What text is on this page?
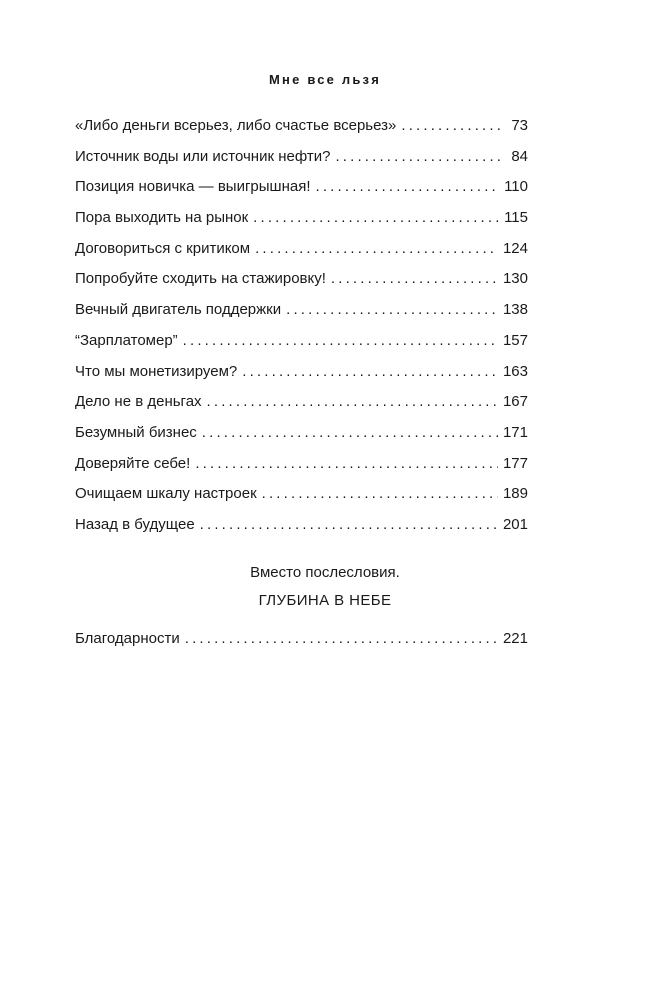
Мне все льзя
«Либо деньги всерьез, либо счастье всерьез» . . .	73
Источник воды или источник нефти? . . .	84
Позиция новичка — выигрышная! . . .	110
Пора выходить на рынок . . .	115
Договориться с критиком . . .	124
Попробуйте сходить на стажировку! . . .	130
Вечный двигатель поддержки . . .	138
“Зарплатомер” . . .	157
Что мы монетизируем? . . .	163
Дело не в деньгах . . .	167
Безумный бизнес . . .	171
Доверяйте себе! . . .	177
Очищаем шкалу настроек . . .	189
Назад в будущее . . .	201
Вместо послесловия.
ГЛУБИНА В НЕБЕ
Благодарности . . .	221
